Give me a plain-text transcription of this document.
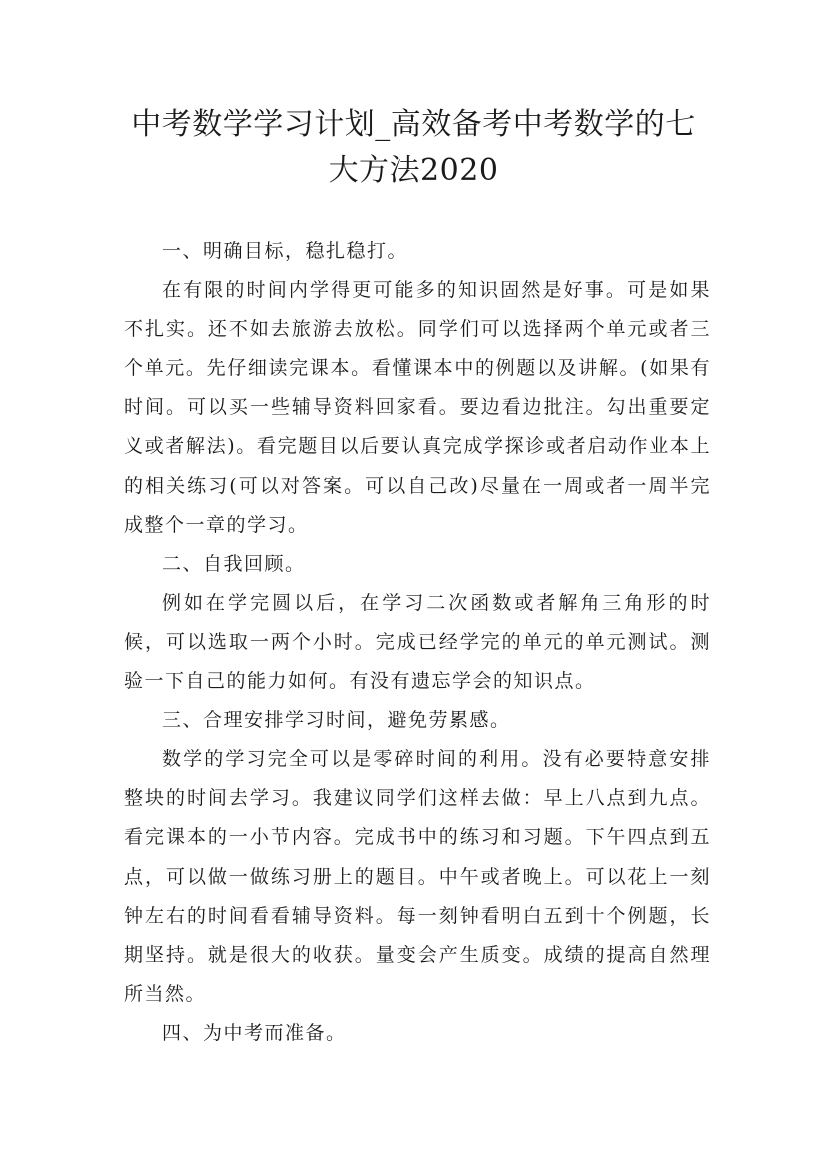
中考数学学习计划_高效备考中考数学的七
大方法2020

一、明确目标，稳扎稳打。

在有限的时间内学得更可能多的知识固然是好事。可是如果不扎实。还不如去旅游去放松。同学们可以选择两个单元或者三个单元。先仔细读完课本。看懂课本中的例题以及讲解。(如果有时间。可以买一些辅导资料回家看。要边看边批注。勾出重要定义或者解法)。看完题目以后要认真完成学探诊或者启动作业本上的相关练习(可以对答案。可以自己改)尽量在一周或者一周半完成整个一章的学习。

二、自我回顾。

例如在学完圆以后，在学习二次函数或者解角三角形的时候，可以选取一两个小时。完成已经学完的单元的单元测试。测验一下自己的能力如何。有没有遗忘学会的知识点。

三、合理安排学习时间，避免劳累感。

数学的学习完全可以是零碎时间的利用。没有必要特意安排整块的时间去学习。我建议同学们这样去做：早上八点到九点。看完课本的一小节内容。完成书中的练习和习题。下午四点到五点，可以做一做练习册上的题目。中午或者晚上。可以花上一刻钟左右的时间看看辅导资料。每一刻钟看明白五到十个例题，长期坚持。就是很大的收获。量变会产生质变。成绩的提高自然理所当然。

四、为中考而准备。
